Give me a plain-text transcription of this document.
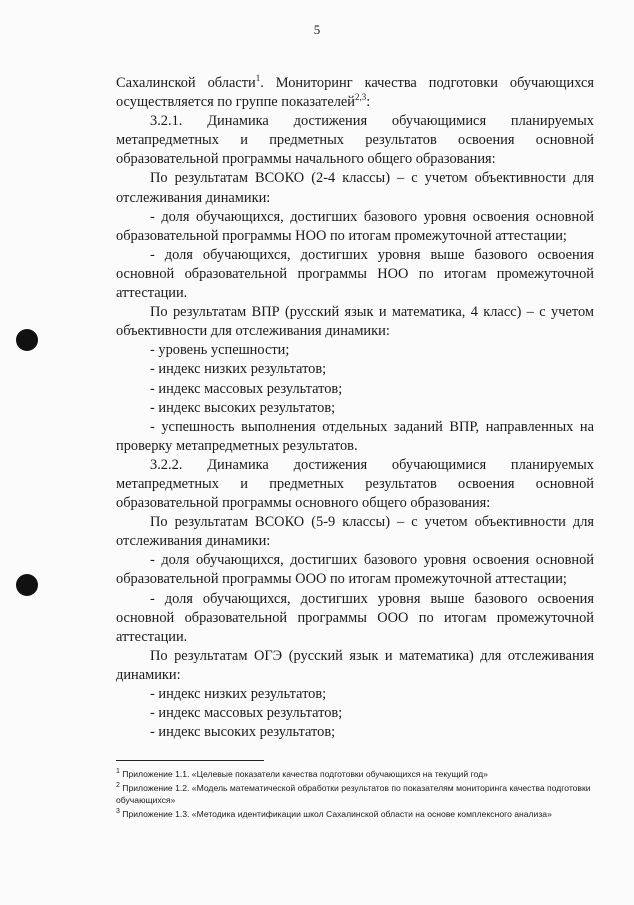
5

Сахалинской области$^1$. Мониторинг качества подготовки обучающихся осуществляется по группе показателей$^{2,3}$:

3.2.1. Динамика достижения обучающимися планируемых
метапредметных и предметных результатов освоения основной

образовательной программы начального общего образования:

По результатам ВСОКО (2-4 классы) – с учетом объективности для отслеживания динамики:

- доля обучающихся, достигших базового уровня освоения основной образовательной программы НОО по итогам промежуточной аттестации;

- доля обучающихся, достигших уровня выше базового освоения основной образовательной программы НОО по итогам промежуточной аттестации.

По результатам ВПР (русский язык и математика, 4 класс) – с учетом объективности для отслеживания динамики:

- уровень успешности;

- индекс низких результатов;

- индекс массовых результатов;

- индекс высоких результатов;

- успешность выполнения отдельных заданий ВПР, направленных на проверку метапредметных результатов.

3.2.2. Динамика достижения обучающимися планируемых
метапредметных и предметных результатов освоения основной

образовательной программы основного общего образования:

По результатам ВСОКО (5-9 классы) – с учетом объективности для отслеживания динамики:

- доля обучающихся, достигших базового уровня освоения основной образовательной программы ООО по итогам промежуточной аттестации;

- доля обучающихся, достигших уровня выше базового освоения основной образовательной программы ООО по итогам промежуточной аттестации.

По результатам ОГЭ (русский язык и математика) для отслеживания динамики:

- индекс низких результатов;

- индекс массовых результатов;

- индекс высоких результатов;

$^1$ Приложение 1.1. «Целевые показатели качества подготовки обучающихся на текущий год»
$^2$ Приложение 1.2. «Модель математической обработки результатов по показателям мониторинга качества подготовки обучающихся»
$^3$ Приложение 1.3. «Методика идентификации школ Сахалинской области на основе комплексного анализа»
